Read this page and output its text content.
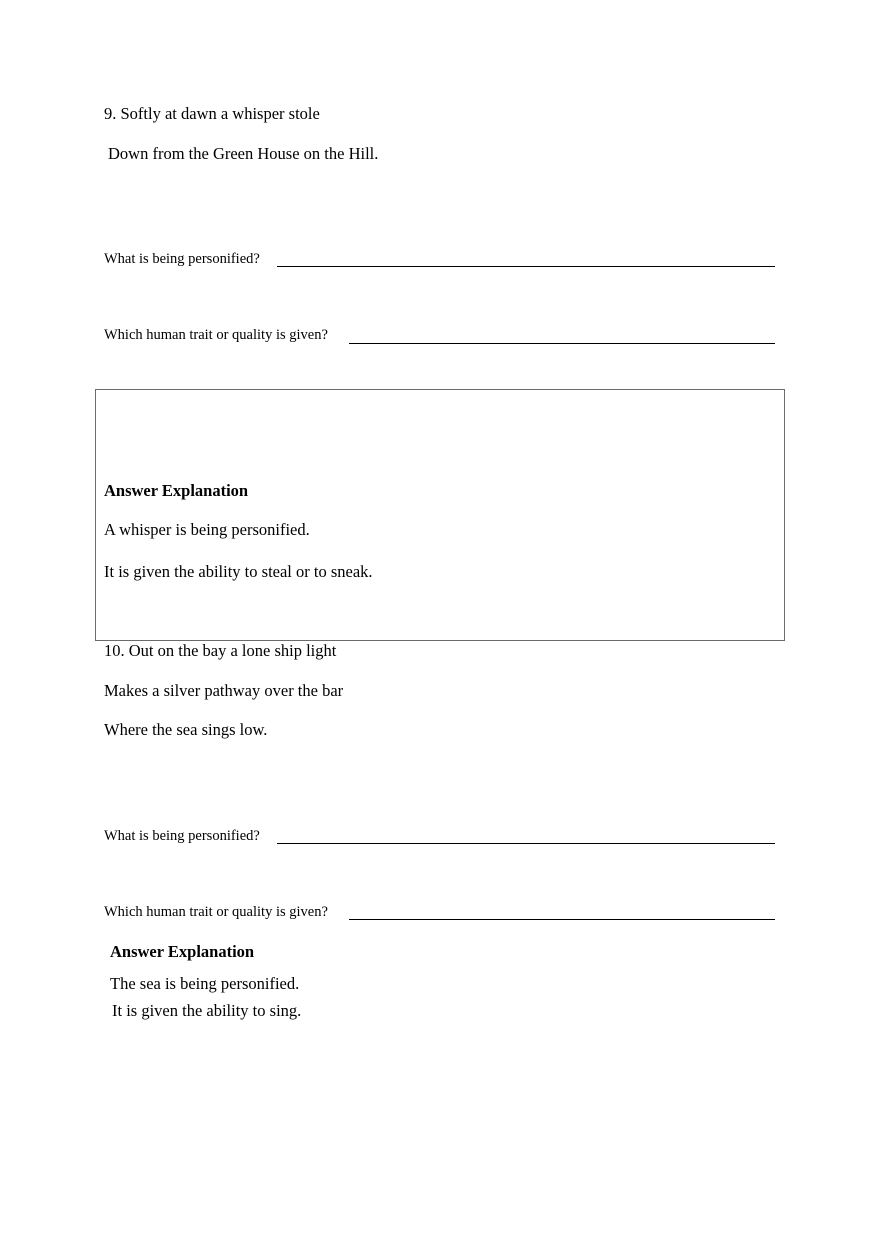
9. Softly at dawn a whisper stole
Down from the Green House on the Hill.
What is being personified?
Which human trait or quality is given?
Answer Explanation
A whisper is being personified.
It is given the ability to steal or to sneak.
10. Out on the bay a lone ship light
Makes a silver pathway over the bar
Where the sea sings low.
What is being personified?
Which human trait or quality is given?
Answer Explanation
The sea is being personified.
It is given the ability to sing.
